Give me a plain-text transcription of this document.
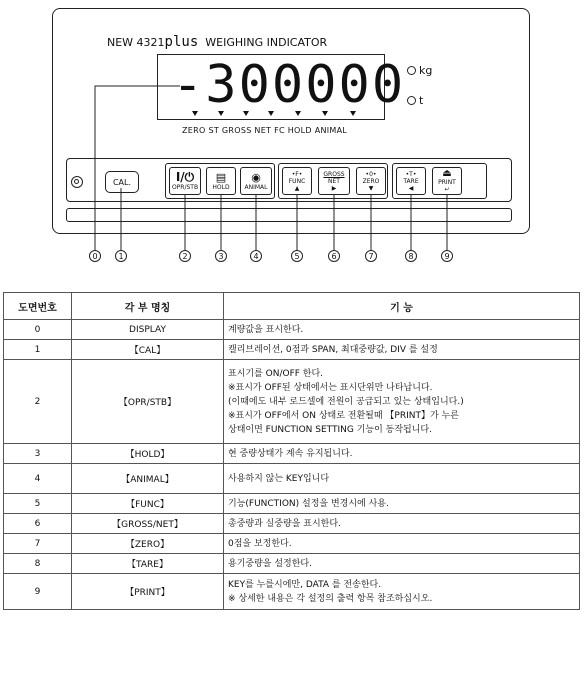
NEW 4321plus WEIGHING INDICATOR
-300000 kg
t
ZERO ST GROSS NET FC HOLD ANIMAL
CAL.	I/⏻
OPR/STB
▤
HOLD
◉
ANIMAL
•F•
FUNC
▲
GROSS
NET
▶
•0•
ZERO
▼
•T•
TARE
◀
⏏
PRINT
↵
0	1	2	3	4	5	6	7	8	9
도면번호	각 부 명칭	기 능
0	DISPLAY	계량값을 표시한다.

1	【CAL】	캘리브레이션, 0점과 SPAN, 최대중량값, DIV 를 설정

2	【OPR/STB】	표시기를 ON/OFF 한다.
※표시가 OFF된 상태에서는 표시단위만 나타납니다.
(이때에도 내부 로드셀에 전원이 공급되고 있는 상태입니다.)
※표시가 OFF에서 ON 상태로 전환될때 【PRINT】가 누른
상태이면 FUNCTION SETTING 기능이 동작됩니다.

3	【HOLD】	현 중량상태가 계속 유지됩니다.

4	【ANIMAL】	사용하지 않는 KEY입니다

5	【FUNC】	기능(FUNCTION) 설정을 변경시에 사용.

6	【GROSS/NET】	총중량과 실중량을 표시한다.

7	【ZERO】	0점을 보정한다.

8	【TARE】	용기중량을 설정한다.

9	【PRINT】	KEY를 누를시에만, DATA 를 전송한다.
※ 상세한 내용은 각 설정의 출력 항목 참조하십시오.
